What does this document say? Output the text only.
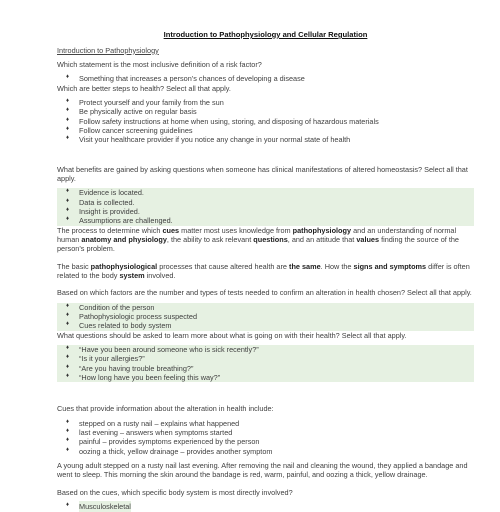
Introduction to Pathophysiology and Cellular Regulation

Introduction to Pathophysiology

Which statement is the most inclusive definition of a risk factor?

♦ Something that increases a person’s chances of developing a disease

Which are better steps to health? Select all that apply.

♦ Protect yourself and your family from the sun
♦ Be physically active on regular basis
♦ Follow safety instructions at home when using, storing, and disposing of hazardous materials
♦ Follow cancer screening guidelines
♦ Visit your healthcare provider if you notice any change in your normal state of health

What benefits are gained by asking questions when someone has clinical manifestations of altered homeostasis? Select all that apply.

♦ Evidence is located.
♦ Data is collected.
♦ Insight is provided.
♦ Assumptions are challenged.

The process to determine which cues matter most uses knowledge from pathophysiology and an understanding of normal human anatomy and physiology, the ability to ask relevant questions, and an attitude that values finding the source of the person’s problem.

The basic pathophysiological processes that cause altered health are the same. How the signs and symptoms differ is often related to the body system involved.

Based on which factors are the number and types of tests needed to confirm an alteration in health chosen? Select all that apply.

♦ Condition of the person
♦ Pathophysiologic process suspected
♦ Cues related to body system

What questions should be asked to learn more about what is going on with their health? Select all that apply.

♦ “Have you been around someone who is sick recently?”
♦ “Is it your allergies?”
♦ “Are you having trouble breathing?”
♦ “How long have you been feeling this way?”

Cues that provide information about the alteration in health include:

♦ stepped on a rusty nail – explains what happened
♦ last evening – answers when symptoms started
♦ painful – provides symptoms experienced by the person
♦ oozing a thick, yellow drainage – provides another symptom

A young adult stepped on a rusty nail last evening. After removing the nail and cleaning the wound, they applied a bandage and went to sleep. This morning the skin around the bandage is red, warm, painful, and oozing a thick, yellow drainage.

Based on the cues, which specific body system is most directly involved?

♦ Musculoskeletal
